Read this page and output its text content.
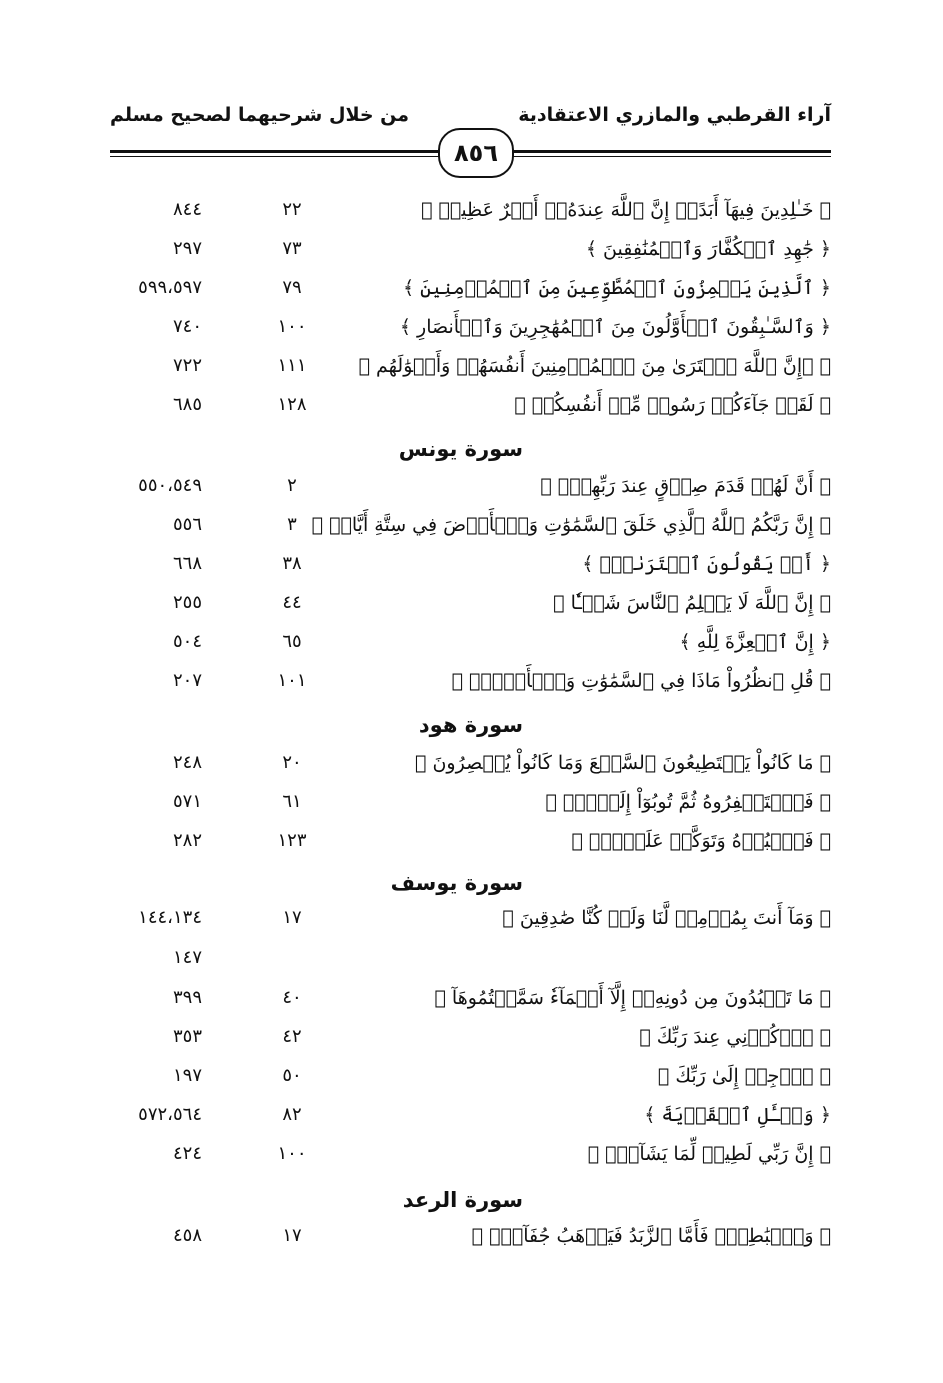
آراء القرطبي والمازري الاعتقادية
من خلال شرحيهما لصحيح مسلم
٨٥٦
﴿ خَـٰلِدِينَ فِيهَآ أَبَدًاۚ إِنَّ ٱللَّهَ عِندَهُۥٓ أَجۡرٌ عَظِيمٞ ﴾
٢٢
٨٤٤
﴿ جَٰهِدِ ٱلۡكُفَّارَ وَٱلۡمُنَٰفِقِينَ ﴾
٧٣
٢٩٧
﴿ ٱلَّذِينَ يَلۡمِزُونَ ٱلۡمُطَّوِّعِينَ مِنَ ٱلۡمُؤۡمِنِينَ ﴾
٧٩
٥٩٩،٥٩٧
﴿ وَٱلسَّـٰبِقُونَ ٱلۡأَوَّلُونَ مِنَ ٱلۡمُهَٰجِرِينَ وَٱلۡأَنصَارِ ﴾
١٠٠
٧٤٠
﴿ ۞إِنَّ ٱللَّهَ ٱشۡتَرَىٰ مِنَ ٱلۡمُؤۡمِنِينَ أَنفُسَهُمۡ وَأَمۡوَٰلَهُم ﴾
١١١
٧٢٢
﴿ لَقَدۡ جَآءَكُمۡ رَسُولٞ مِّنۡ أَنفُسِكُمۡ ﴾
١٢٨
٦٨٥
سورة يونس
﴿ أَنَّ لَهُمۡ قَدَمَ صِدۡقٍ عِندَ رَبِّهِمۡۗ ﴾
٢
٥٥٠،٥٤٩
﴿ إِنَّ رَبَّكُمُ ٱللَّهُ ٱلَّذِي خَلَقَ ٱلسَّمَٰوَٰتِ وَٱلۡأَرۡضَ فِي سِتَّةِ أَيَّامٖ ﴾
٣
٥٥٦
﴿ أَمۡ يَقُولُونَ ٱفۡتَرَىٰهُۖ ﴾
٣٨
٦٦٨
﴿ إِنَّ ٱللَّهَ لَا يَظۡلِمُ ٱلنَّاسَ شَيۡـٔٗا ﴾
٤٤
٢٥٥
﴿ إِنَّ ٱلۡعِزَّةَ لِلَّهِ ﴾
٦٥
٥٠٤
﴿ قُلِ ٱنظُرُواْ مَاذَا فِي ٱلسَّمَٰوَٰتِ وَٱلۡأَرۡضِۚ ﴾
١٠١
٢٠٧
سورة هود
﴿ مَا كَانُواْ يَسۡتَطِيعُونَ ٱلسَّمۡعَ وَمَا كَانُواْ يُبۡصِرُونَ ﴾
٢٠
٢٤٨
﴿ فَٱسۡتَغۡفِرُوهُ ثُمَّ تُوبُوٓاْ إِلَيۡهِۚ ﴾
٦١
٥٧١
﴿ فَٱعۡبُدۡهُ وَتَوَكَّلۡ عَلَيۡهِۚ ﴾
١٢٣
٢٨٢
سورة يوسف
﴿ وَمَآ أَنتَ بِمُؤۡمِنٖ لَّنَا وَلَوۡ كُنَّا صَٰدِقِينَ ﴾
١٧
١٤٤،١٣٤
١٤٧
﴿ مَا تَعۡبُدُونَ مِن دُونِهِۦٓ إِلَّآ أَسۡمَآءٗ سَمَّيۡتُمُوهَآ ﴾
٤٠
٣٩٩
﴿ ٱذۡكُرۡنِي عِندَ رَبِّكَ ﴾
٤٢
٣٥٣
﴿ ٱرۡجِعۡ إِلَىٰ رَبِّكَ ﴾
٥٠
١٩٧
﴿ وَسۡـَٔلِ ٱلۡقَرۡيَةَ ﴾
٨٢
٥٧٢،٥٦٤
﴿ إِنَّ رَبِّي لَطِيفٞ لِّمَا يَشَآءُۚ ﴾
١٠٠
٤٢٤
سورة الرعد
﴿ وَٱلۡبَٰطِلَۚ فَأَمَّا ٱلزَّبَدُ فَيَذۡهَبُ جُفَآءٗۖ ﴾
١٧
٤٥٨
